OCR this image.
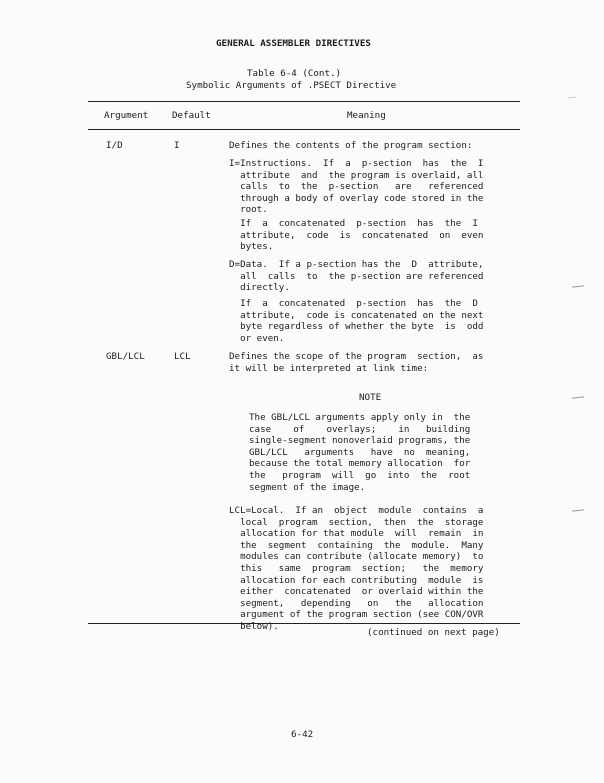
GENERAL ASSEMBLER DIRECTIVES
Table 6-4 (Cont.)
Symbolic Arguments of .PSECT Directive
Argument	Default	Meaning
I/D	I	Defines the contents of the program section:
I=Instructions.  If  a  p-section  has  the  I
attribute  and  the program is overlaid, all
calls  to  the  p-section   are   referenced
through a body of overlay code stored in the
root.
If  a  concatenated  p-section  has  the  I
attribute,  code  is  concatenated  on  even
bytes.
D=Data.  If a p-section has the  D  attribute,
all  calls  to  the p-section are referenced
directly.
If  a  concatenated  p-section  has  the  D
attribute,  code is concatenated on the next
byte regardless of whether the byte  is  odd
or even.
GBL/LCL	LCL	Defines the scope of the program  section,  as
it will be interpreted at link time:
NOTE
The GBL/LCL arguments apply only in  the
case    of    overlays;    in   building
single-segment nonoverlaid programs, the
GBL/LCL   arguments   have  no  meaning,
because the total memory allocation  for
the   program  will  go  into  the  root
segment of the image.
LCL=Local.  If an  object  module  contains  a
local  program  section,  then  the  storage
allocation for that module  will  remain  in
the  segment  containing  the  module.  Many
modules can contribute (allocate memory)  to
this   same  program  section;   the  memory
allocation for each contributing  module  is
either  concatenated  or overlaid within the
segment,   depending   on   the   allocation
argument of the program section (see CON/OVR
below).
(continued on next page)
6-42
